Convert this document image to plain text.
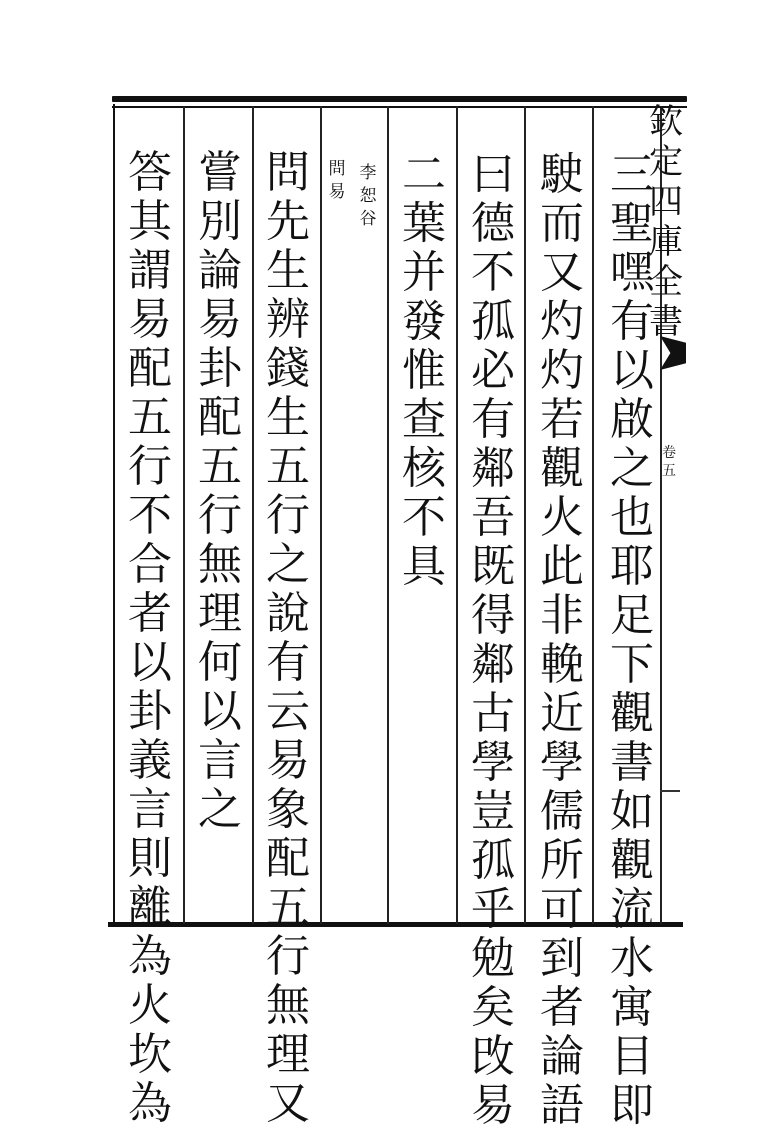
欽
定
四
庫
全
書
卷
五
三
聖
嘿
有
以
啟
之
也
耶
足
下
觀
書
如
觀
流
水
寓
目
即
駛
而
又
灼
灼
若
觀
火
此
非
輓
近
學
儒
所
可
到
者
論
語
曰
德
不
孤
必
有
鄰
吾
既
得
鄰
古
學
豈
孤
乎
勉
矣
攺
易
二
葉
并
發
惟
查
核
不
具
李
恕
谷
問
易
問
先
生
辨
錢
生
五
行
之
說
有
云
易
象
配
五
行
無
理
又
嘗
別
論
易
卦
配
五
行
無
理
何
以
言
之
答
其
謂
易
配
五
行
不
合
者
以
卦
義
言
則
離
為
火
坎
為
